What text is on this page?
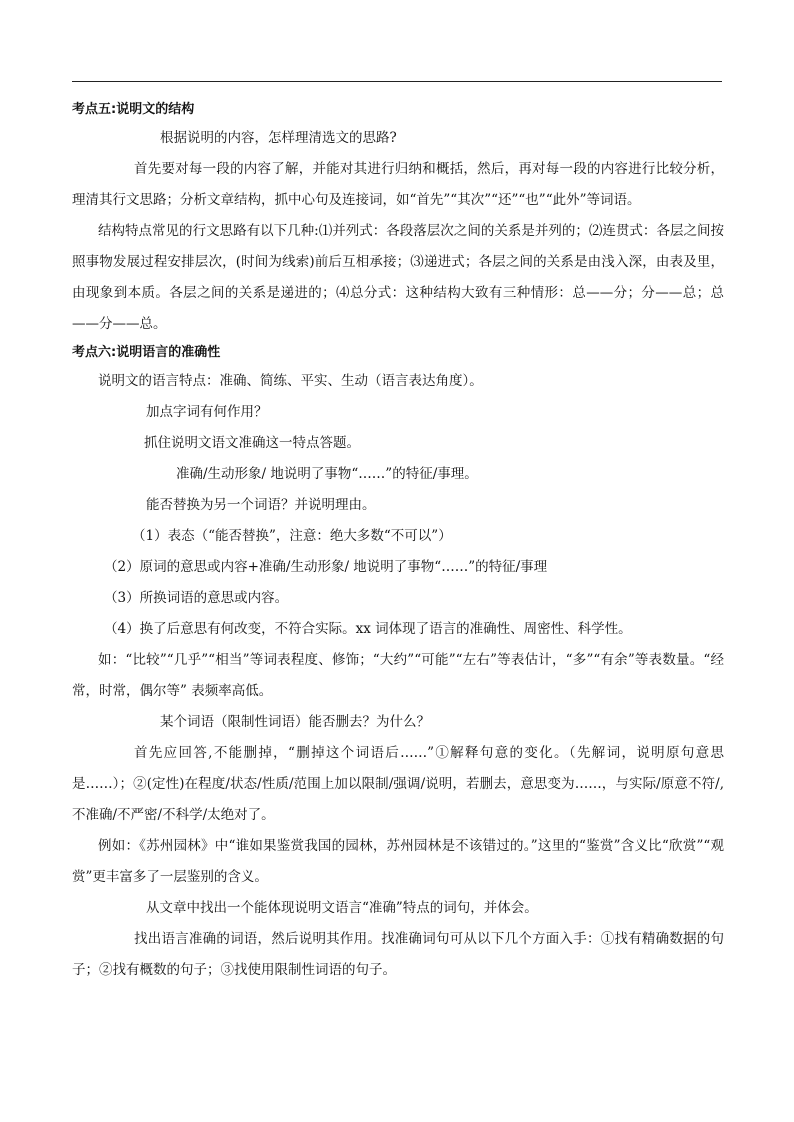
考点五:说明文的结构
根据说明的内容，怎样理清选文的思路?

首先要对每一段的内容了解，并能对其进行归纳和概括，然后，再对每一段的内容进行比较分析，理清其行文思路；分析文章结构，抓中心句及连接词，如“首先”“其次”“还”“也”“此外”等词语。

结构特点常见的行文思路有以下几种:⑴并列式：各段落层次之间的关系是并列的；⑵连贯式：各层之间按照事物发展过程安排层次，(时间为线索)前后互相承接；⑶递进式；各层之间的关系是由浅入深，由表及里，由现象到本质。各层之间的关系是递进的；⑷总分式：这种结构大致有三种情形：总——分；分——总；总——分——总。

考点六:说明语言的准确性

说明文的语言特点：准确、简练、平实、生动（语言表达角度）。

加点字词有何作用？
抓住说明文语文准确这一特点答题。
准确/生动形象/ 地说明了事物“……”的特征/事理。
能否替换为另一个词语？并说明理由。
（1）表态（“能否替换”，注意：绝大多数“不可以”）
（2）原词的意思或内容+准确/生动形象/ 地说明了事物“……”的特征/事理
（3）所换词语的意思或内容。
（4）换了后意思有何改变，不符合实际。xx 词体现了语言的准确性、周密性、科学性。

如：“比较”“几乎”“相当”等词表程度、修饰；“大约”“可能”“左右”等表估计，“多”“有余”等表数量。“经常，时常，偶尔等” 表频率高低。

某个词语（限制性词语）能否删去？为什么？

首先应回答,不能删掉，“删掉这个词语后……”①解释句意的变化。（先解词，说明原句意思是……）；②(定性)在程度/状态/性质/范围上加以限制/强调/说明，若删去，意思变为……，与实际/原意不符/,不准确/不严密/不科学/太绝对了。

例如：《苏州园林》中“谁如果鉴赏我国的园林，苏州园林是不该错过的。”这里的“鉴赏”含义比“欣赏”“观赏”更丰富多了一层鉴别的含义。

从文章中找出一个能体现说明文语言“准确”特点的词句，并体会。

找出语言准确的词语，然后说明其作用。找准确词句可从以下几个方面入手：①找有精确数据的句子；②找有概数的句子；③找使用限制性词语的句子。
